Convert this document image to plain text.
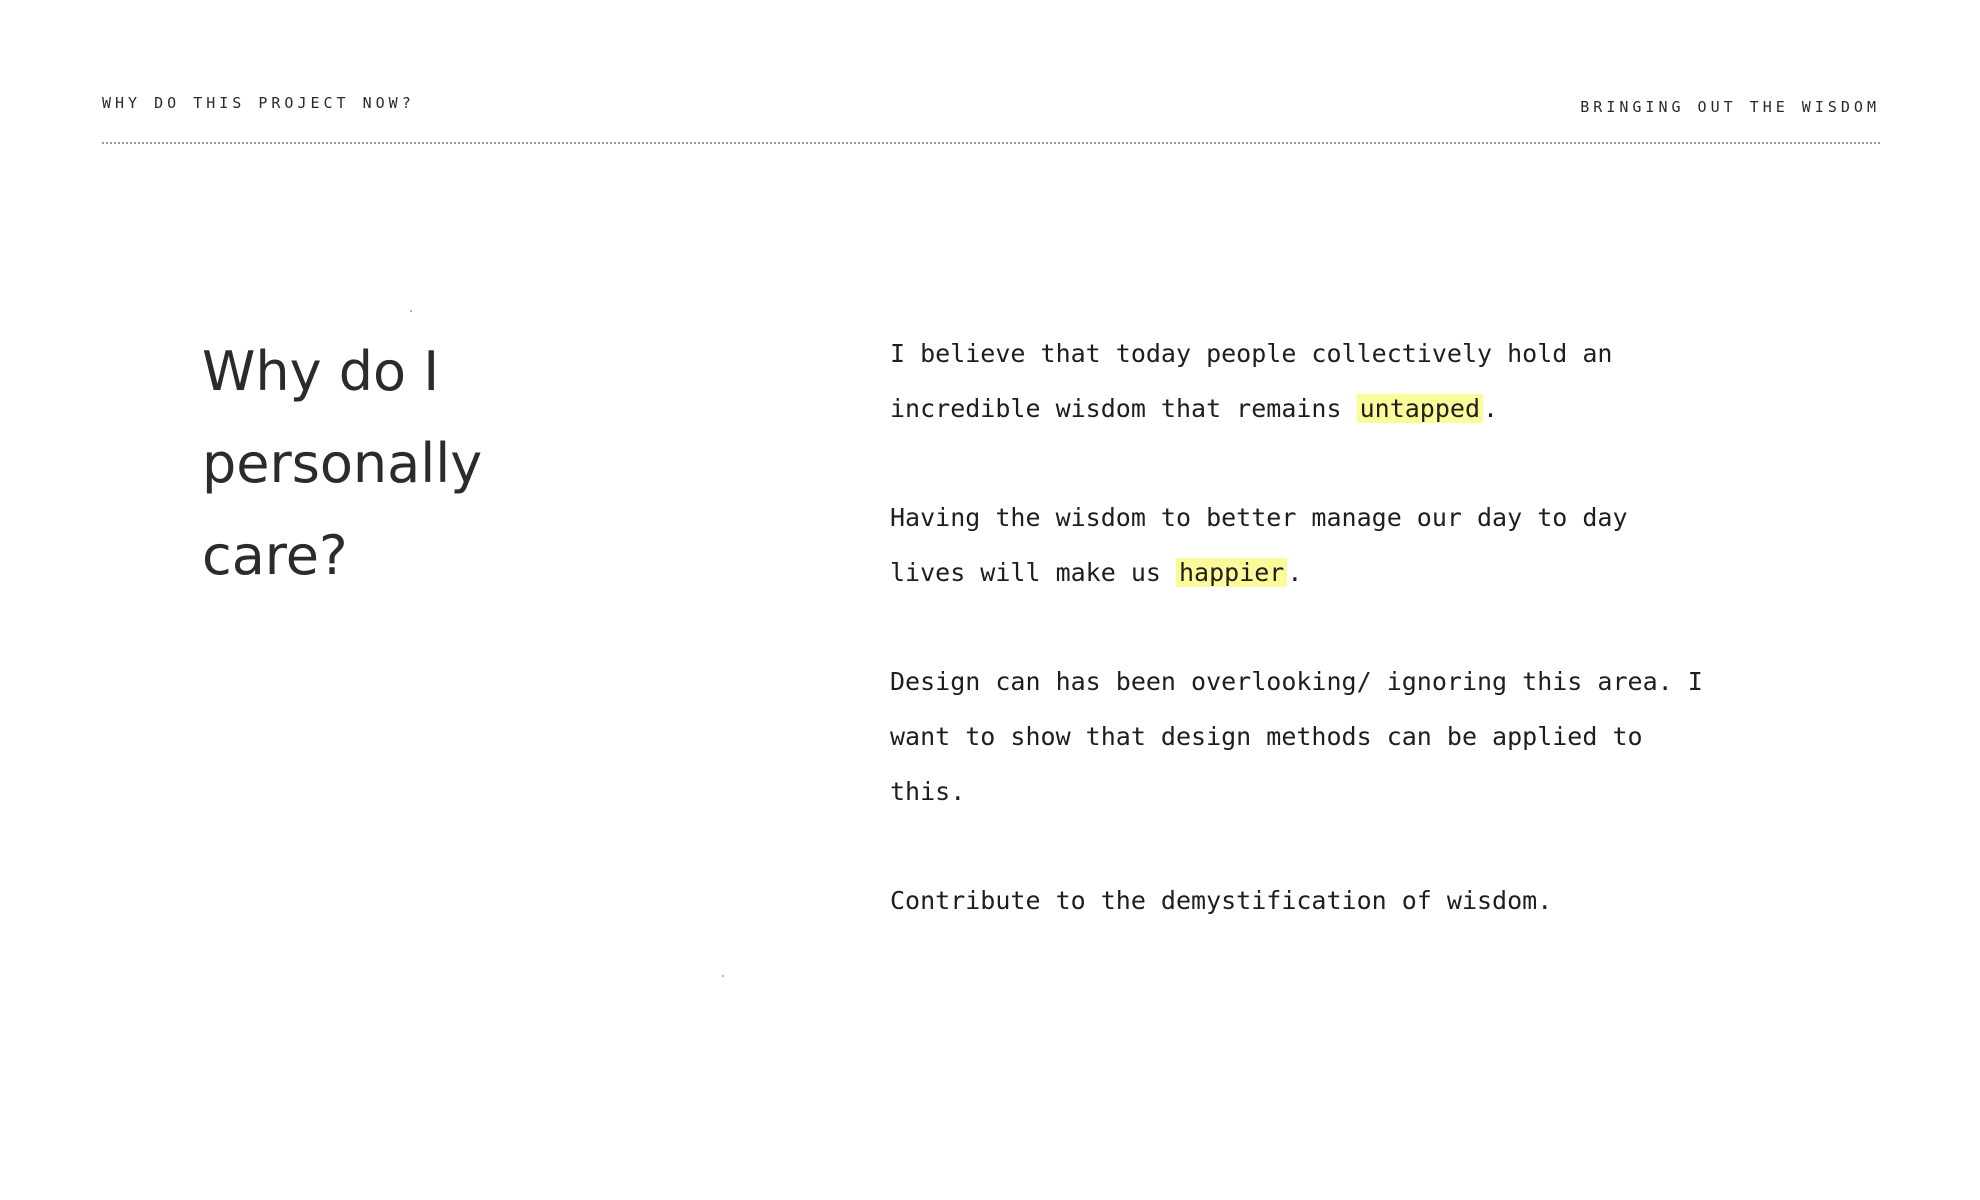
WHY DO THIS PROJECT NOW?	BRINGING OUT THE WISDOM
Why do I
personally
care?

I believe that today people collectively hold an incredible wisdom that remains untapped .

Having the wisdom to better manage our day to day lives will make us happier .

Design can has been overlooking/ ignoring this area. I want to show that design methods can be applied to this.

Contribute to the demystification of wisdom.
